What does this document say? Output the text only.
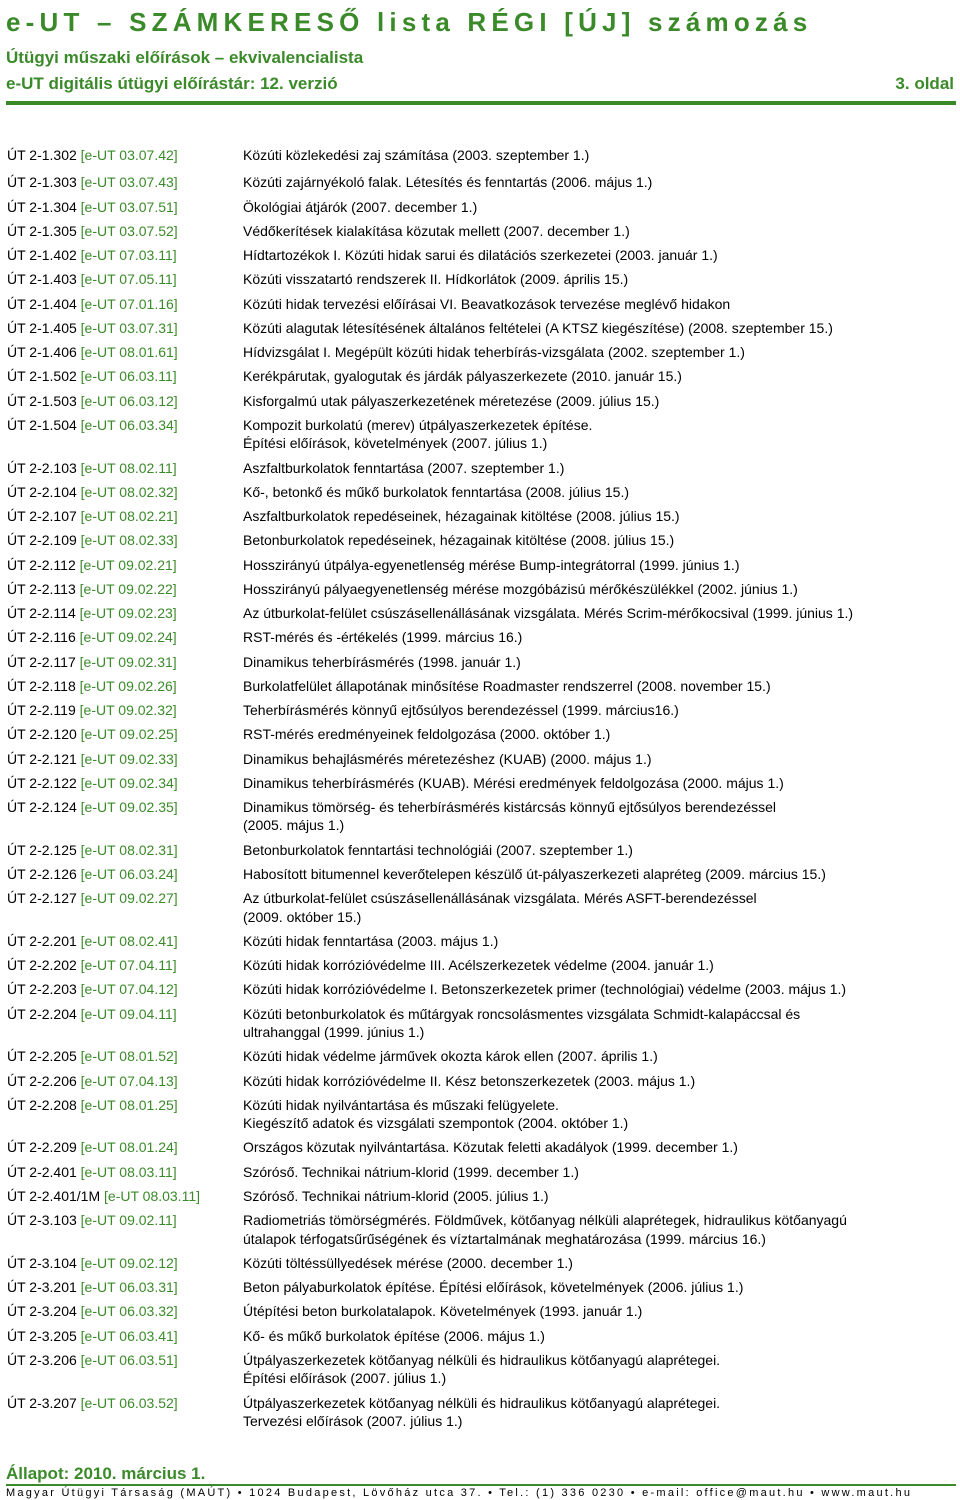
e-UT – SZÁMKERESŐ lista RÉGI [ÚJ] számozás
Útügyi műszaki előírások – ekvivalencialista
e-UT digitális útügyi előírástár: 12. verzió	3. oldal
ÚT 2-1.302 [e-UT 03.07.42]	Közúti közlekedési zaj számítása (2003. szeptember 1.)
ÚT 2-1.303 [e-UT 03.07.43]	Közúti zajárnyékoló falak. Létesítés és fenntartás (2006. május 1.)
ÚT 2-1.304 [e-UT 03.07.51]	Ökológiai átjárók (2007. december 1.)
ÚT 2-1.305 [e-UT 03.07.52]	Védőkerítések kialakítása közutak mellett (2007. december 1.)
ÚT 2-1.402 [e-UT 07.03.11]	Hídtartozékok I. Közúti hidak sarui és dilatációs szerkezetei (2003. január 1.)
ÚT 2-1.403 [e-UT 07.05.11]	Közúti visszatartó rendszerek II. Hídkorlátok (2009. április 15.)
ÚT 2-1.404 [e-UT 07.01.16]	Közúti hidak tervezési előírásai VI. Beavatkozások tervezése meglévő hidakon
ÚT 2-1.405 [e-UT 03.07.31]	Közúti alagutak létesítésének általános feltételei (A KTSZ kiegészítése) (2008. szeptember 15.)
ÚT 2-1.406 [e-UT 08.01.61]	Hídvizsgálat I. Megépült közúti hidak teherbírás-vizsgálata (2002. szeptember 1.)
ÚT 2-1.502 [e-UT 06.03.11]	Kerékpárutak, gyalogutak és járdák pályaszerkezete (2010. január 15.)
ÚT 2-1.503 [e-UT 06.03.12]	Kisforgalmú utak pályaszerkezetének méretezése (2009. július 15.)
ÚT 2-1.504 [e-UT 06.03.34]	Kompozit burkolatú (merev) útpályaszerkezetek építése.
Építési előírások, követelmények (2007. július 1.)
ÚT 2-2.103 [e-UT 08.02.11]	Aszfaltburkolatok fenntartása (2007. szeptember 1.)
ÚT 2-2.104 [e-UT 08.02.32]	Kő-, betonkő és műkő burkolatok fenntartása (2008. július 15.)
ÚT 2-2.107 [e-UT 08.02.21]	Aszfaltburkolatok repedéseinek, hézagainak kitöltése (2008. július 15.)
ÚT 2-2.109 [e-UT 08.02.33]	Betonburkolatok repedéseinek, hézagainak kitöltése (2008. július 15.)
ÚT 2-2.112 [e-UT 09.02.21]	Hosszirányú útpálya-egyenetlenség mérése Bump-integrátorral (1999. június 1.)
ÚT 2-2.113 [e-UT 09.02.22]	Hosszirányú pályaegyenetlenség mérése mozgóbázisú mérőkészülékkel (2002. június 1.)
ÚT 2-2.114 [e-UT 09.02.23]	Az útburkolat-felület csúszásellenállásának vizsgálata. Mérés Scrim-mérőkocsival (1999. június 1.)
ÚT 2-2.116 [e-UT 09.02.24]	RST-mérés és -értékelés (1999. március 16.)
ÚT 2-2.117 [e-UT 09.02.31]	Dinamikus teherbírásmérés (1998. január 1.)
ÚT 2-2.118 [e-UT 09.02.26]	Burkolatfelület állapotának minősítése Roadmaster rendszerrel (2008. november 15.)
ÚT 2-2.119 [e-UT 09.02.32]	Teherbírásmérés könnyű ejtősúlyos berendezéssel (1999. március16.)
ÚT 2-2.120 [e-UT 09.02.25]	RST-mérés eredményeinek feldolgozása (2000. október 1.)
ÚT 2-2.121 [e-UT 09.02.33]	Dinamikus behajlásmérés méretezéshez (KUAB) (2000. május 1.)
ÚT 2-2.122 [e-UT 09.02.34]	Dinamikus teherbírásmérés (KUAB). Mérési eredmények feldolgozása (2000. május 1.)
ÚT 2-2.124 [e-UT 09.02.35]	Dinamikus tömörség- és teherbírásmérés kistárcsás könnyű ejtősúlyos berendezéssel
(2005. május 1.)
ÚT 2-2.125 [e-UT 08.02.31]	Betonburkolatok fenntartási technológiái (2007. szeptember 1.)
ÚT 2-2.126 [e-UT 06.03.24]	Habosított bitumennel keverőtelepen készülő út-pályaszerkezeti alapréteg (2009. március 15.)
ÚT 2-2.127 [e-UT 09.02.27]	Az útburkolat-felület csúszásellenállásának vizsgálata. Mérés ASFT-berendezéssel
(2009. október 15.)
ÚT 2-2.201 [e-UT 08.02.41]	Közúti hidak fenntartása (2003. május 1.)
ÚT 2-2.202 [e-UT 07.04.11]	Közúti hidak korrózióvédelme III. Acélszerkezetek védelme (2004. január 1.)
ÚT 2-2.203 [e-UT 07.04.12]	Közúti hidak korrózióvédelme I. Betonszerkezetek primer (technológiai) védelme (2003. május 1.)
ÚT 2-2.204 [e-UT 09.04.11]	Közúti betonburkolatok és műtárgyak roncsolásmentes vizsgálata Schmidt-kalapáccsal és
ultrahanggal (1999. június 1.)
ÚT 2-2.205 [e-UT 08.01.52]	Közúti hidak védelme járművek okozta károk ellen (2007. április 1.)
ÚT 2-2.206 [e-UT 07.04.13]	Közúti hidak korrózióvédelme II. Kész betonszerkezetek (2003. május 1.)
ÚT 2-2.208 [e-UT 08.01.25]	Közúti hidak nyilvántartása és műszaki felügyelete.
Kiegészítő adatok és vizsgálati szempontok (2004. október 1.)
ÚT 2-2.209 [e-UT 08.01.24]	Országos közutak nyilvántartása. Közutak feletti akadályok (1999. december 1.)
ÚT 2-2.401 [e-UT 08.03.11]	Szóróső. Technikai nátrium-klorid (1999. december 1.)
ÚT 2-2.401/1M [e-UT 08.03.11]	Szóróső. Technikai nátrium-klorid (2005. július 1.)
ÚT 2-3.103 [e-UT 09.02.11]	Radiometriás tömörségmérés. Földművek, kötőanyag nélküli alaprétegek, hidraulikus kötőanyagú
útalapok térfogatsűrűségének és víztartalmának meghatározása (1999. március 16.)
ÚT 2-3.104 [e-UT 09.02.12]	Közúti töltéssüllyedések mérése (2000. december 1.)
ÚT 2-3.201 [e-UT 06.03.31]	Beton pályaburkolatok építése. Építési előírások, követelmények (2006. július 1.)
ÚT 2-3.204 [e-UT 06.03.32]	Útépítési beton burkolatalapok. Követelmények (1993. január 1.)
ÚT 2-3.205 [e-UT 06.03.41]	Kő- és műkő burkolatok építése (2006. május 1.)
ÚT 2-3.206 [e-UT 06.03.51]	Útpályaszerkezetek kötőanyag nélküli és hidraulikus kötőanyagú alaprétegei.
Építési előírások (2007. július 1.)
ÚT 2-3.207 [e-UT 06.03.52]	Útpályaszerkezetek kötőanyag nélküli és hidraulikus kötőanyagú alaprétegei.
Tervezési előírások (2007. július 1.)
Állapot: 2010. március 1.
Magyar Útügyi Társaság (MAÚT) • 1024 Budapest, Lövőház utca 37. • Tel.: (1) 336 0230 • e-mail: office@maut.hu • www.maut.hu
